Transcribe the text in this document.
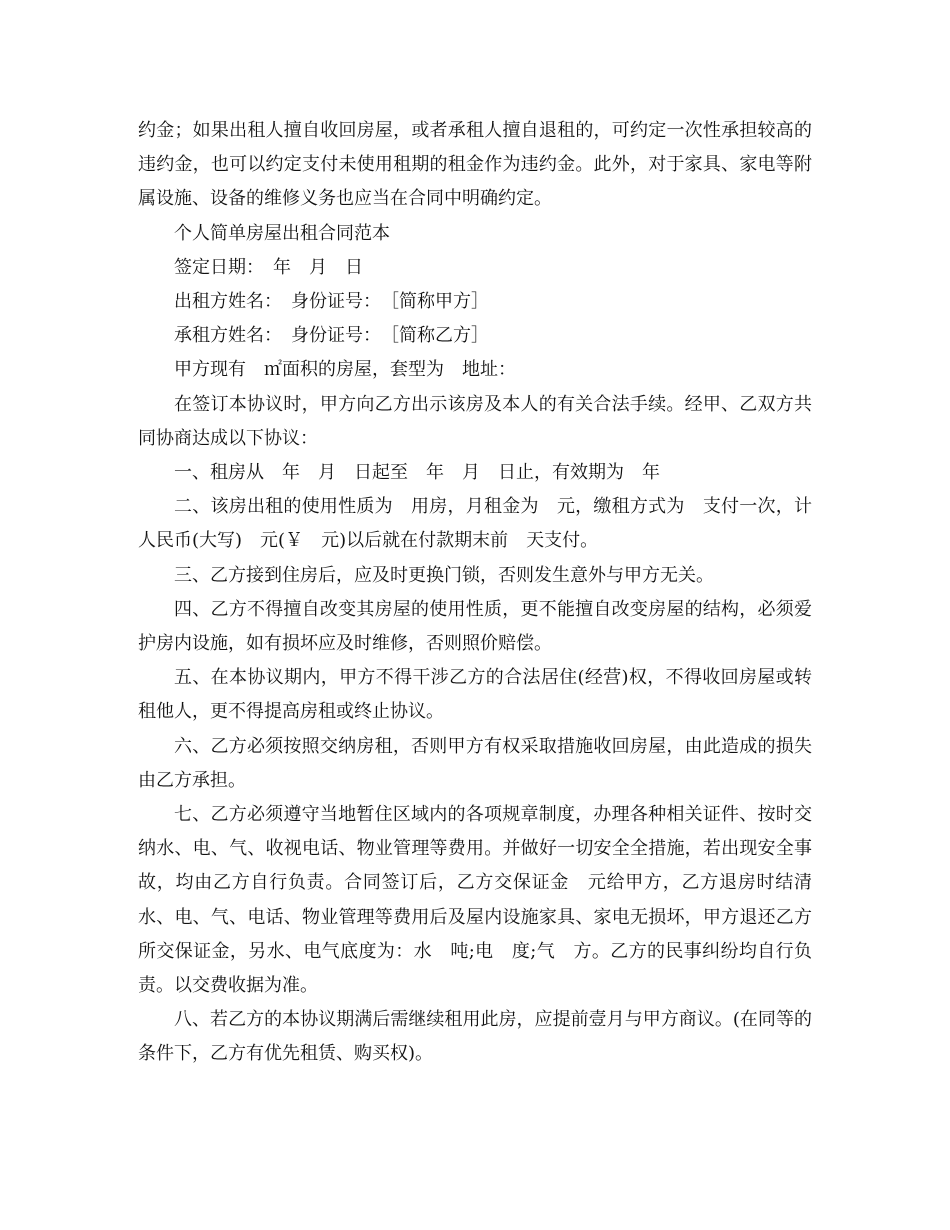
约金；如果出租人擅自收回房屋，或者承租人擅自退租的，可约定一次性承担较高的违约金，也可以约定支付未使用租期的租金作为违约金。此外，对于家具、家电等附属设施、设备的维修义务也应当在合同中明确约定。

个人简单房屋出租合同范本

签定日期：　年　月　日

出租方姓名：　身份证号：　［简称甲方］

承租方姓名：　身份证号：　［简称乙方］

甲方现有　㎡面积的房屋，套型为　地址：

在签订本协议时，甲方向乙方出示该房及本人的有关合法手续。经甲、乙双方共同协商达成以下协议：

一、租房从　年　月　日起至　年　月　日止，有效期为　年

二、该房出租的使用性质为　用房，月租金为　元，缴租方式为　支付一次，计人民币(大写)　元(￥　元)以后就在付款期末前　天支付。

三、乙方接到住房后，应及时更换门锁，否则发生意外与甲方无关。

四、乙方不得擅自改变其房屋的使用性质，更不能擅自改变房屋的结构，必须爱护房内设施，如有损坏应及时维修，否则照价赔偿。

五、在本协议期内，甲方不得干涉乙方的合法居住(经营)权，不得收回房屋或转租他人，更不得提高房租或终止协议。

六、乙方必须按照交纳房租，否则甲方有权采取措施收回房屋，由此造成的损失由乙方承担。

七、乙方必须遵守当地暂住区域内的各项规章制度，办理各种相关证件、按时交纳水、电、气、收视电话、物业管理等费用。并做好一切安全全措施，若出现安全事故，均由乙方自行负责。合同签订后，乙方交保证金　元给甲方，乙方退房时结清水、电、气、电话、物业管理等费用后及屋内设施家具、家电无损坏，甲方退还乙方所交保证金，另水、电气底度为：水　吨;电　度;气　方。乙方的民事纠纷均自行负责。以交费收据为准。

八、若乙方的本协议期满后需继续租用此房，应提前壹月与甲方商议。(在同等的条件下，乙方有优先租赁、购买权)。
